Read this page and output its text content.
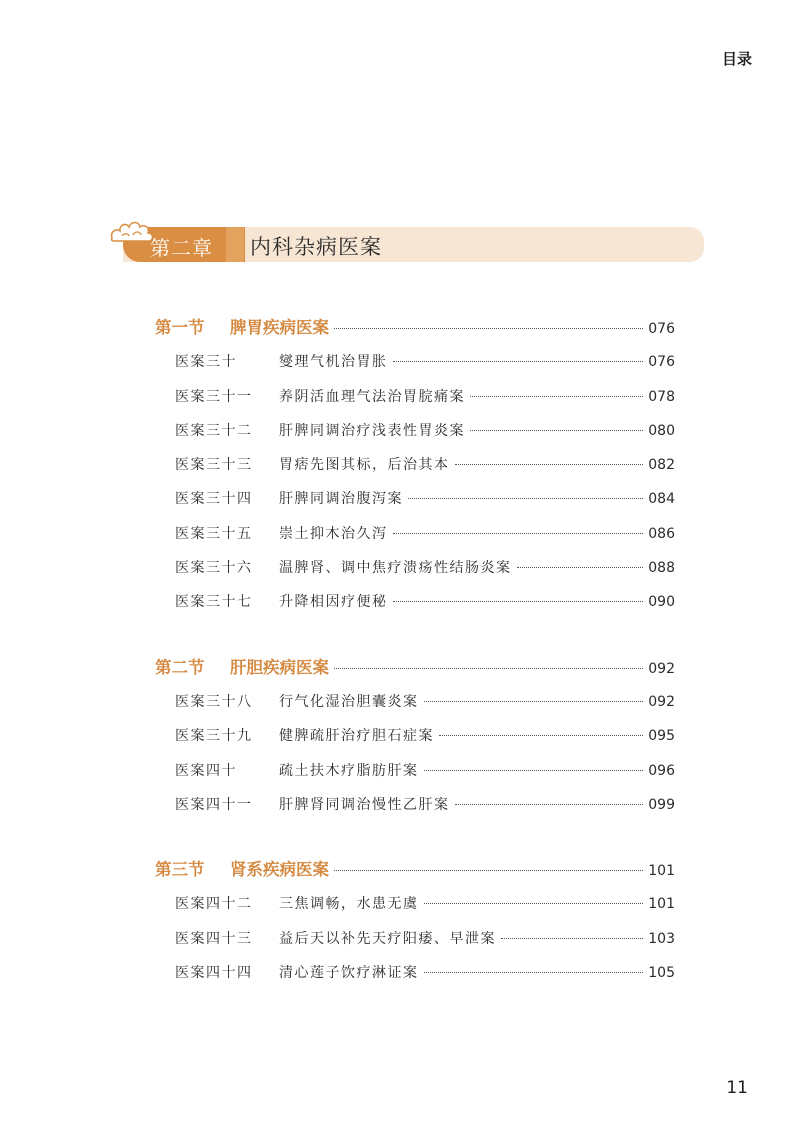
目录
第二章 内科杂病医案
第一节	脾胃疾病医案	076
医案三十	燮理气机治胃胀	076
医案三十一	养阴活血理气法治胃脘痛案	078
医案三十二	肝脾同调治疗浅表性胃炎案	080
医案三十三	胃痞先图其标，后治其本	082
医案三十四	肝脾同调治腹泻案	084
医案三十五	崇土抑木治久泻	086
医案三十六	温脾肾、调中焦疗溃疡性结肠炎案	088
医案三十七	升降相因疗便秘	090
第二节	肝胆疾病医案	092
医案三十八	行气化湿治胆囊炎案	092
医案三十九	健脾疏肝治疗胆石症案	095
医案四十	疏土扶木疗脂肪肝案	096
医案四十一	肝脾肾同调治慢性乙肝案	099
第三节	肾系疾病医案	101
医案四十二	三焦调畅，水患无虞	101
医案四十三	益后天以补先天疗阳痿、早泄案	103
医案四十四	清心莲子饮疗淋证案	105
11
